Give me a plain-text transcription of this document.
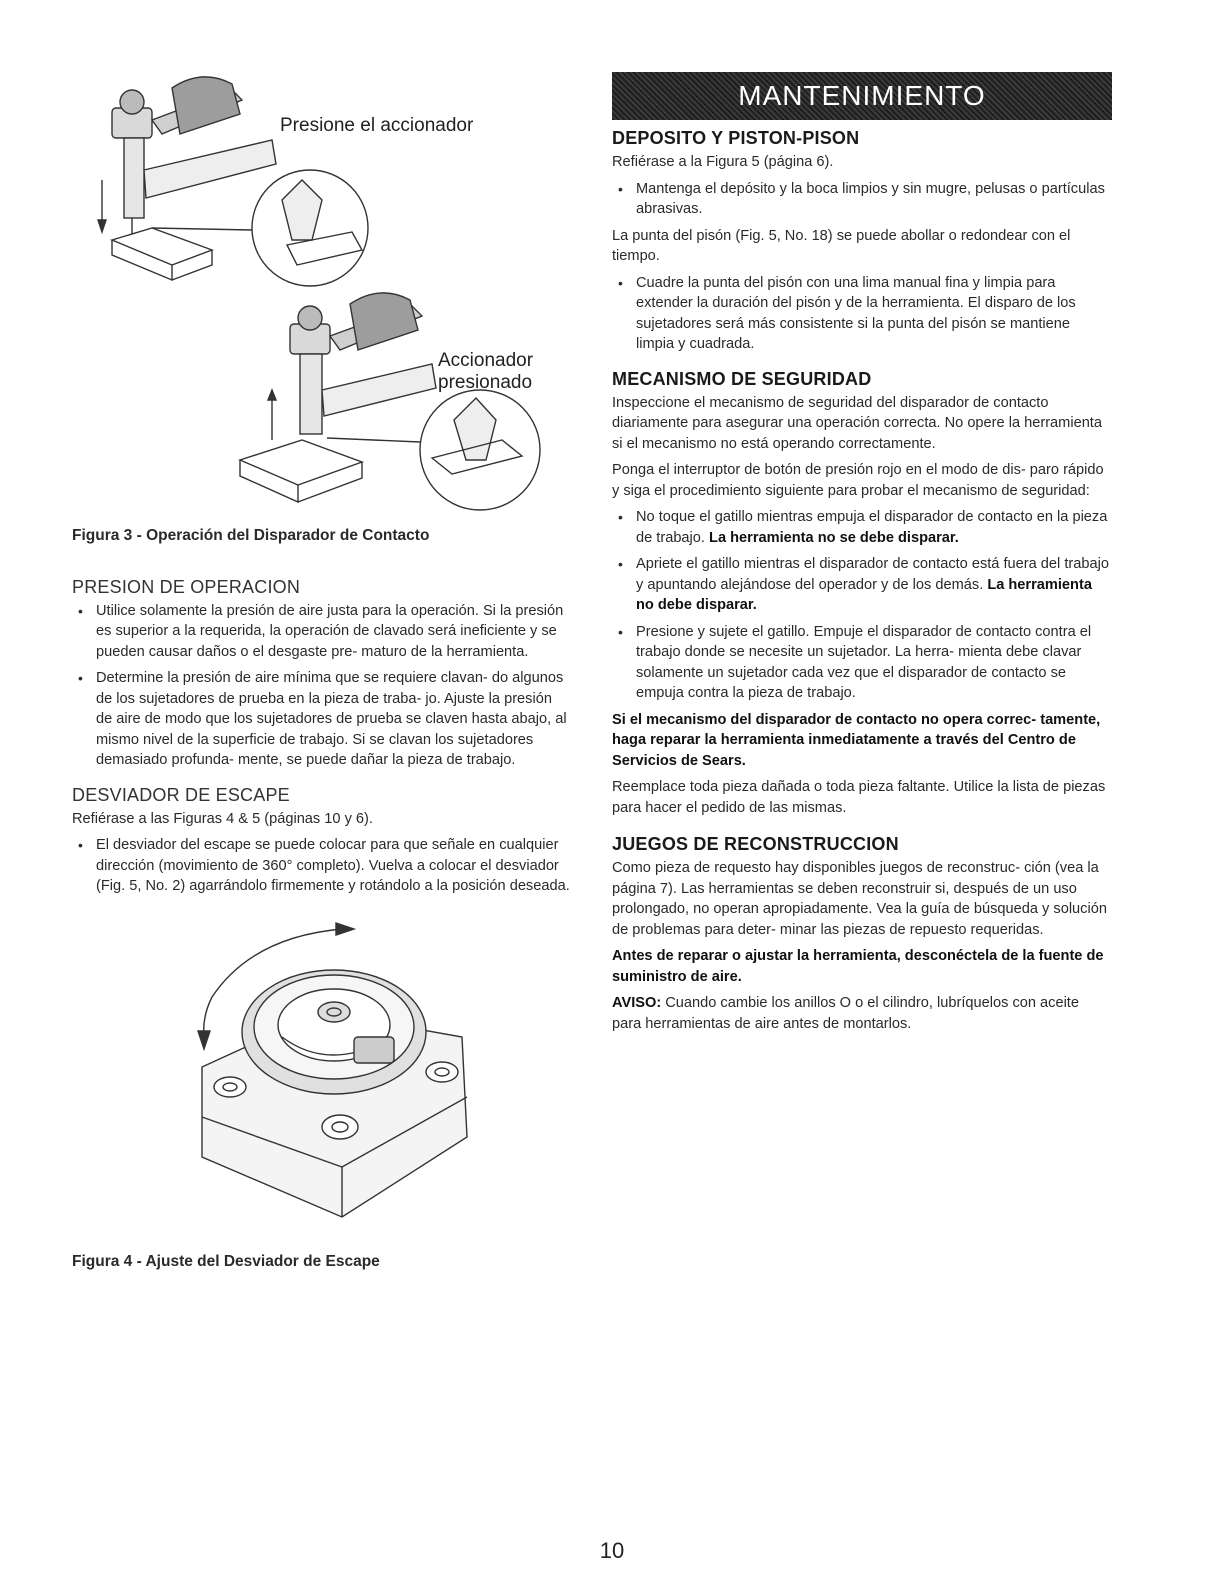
Presione el accionador
Accionador presionado

Figura 3 - Operación del Disparador de Contacto

PRESION DE OPERACION
• Utilice solamente la presión de aire justa para la operación. Si la presión es superior a la requerida, la operación de clavado será ineficiente y se pueden causar daños o el desgaste pre- maturo de la herramienta.
• Determine la presión de aire mínima que se requiere clavan- do algunos de los sujetadores de prueba en la pieza de traba- jo. Ajuste la presión de aire de modo que los sujetadores de prueba se claven hasta abajo, al mismo nivel de la superficie de trabajo. Si se clavan los sujetadores demasiado profunda- mente, se puede dañar la pieza de trabajo.
DESVIADOR DE ESCAPE

Refiérase a las Figuras 4 & 5 (páginas 10 y 6).

• El desviador del escape se puede colocar para que señale en cualquier dirección (movimiento de 360° completo). Vuelva a colocar el desviador (Fig. 5, No. 2) agarrándolo firmemente y rotándolo a la posición deseada.

Figura 4 - Ajuste del Desviador de Escape

MANTENIMIENTO
DEPOSITO Y PISTON-PISON

Refiérase a la Figura 5 (página 6).

• Mantenga el depósito y la boca limpios y sin mugre, pelusas o partículas abrasivas.

La punta del pisón (Fig. 5, No. 18) se puede abollar o redondear con el tiempo.

• Cuadre la punta del pisón con una lima manual fina y limpia para extender la duración del pisón y de la herramienta. El disparo de los sujetadores será más consistente si la punta del pisón se mantiene limpia y cuadrada.
MECANISMO DE SEGURIDAD

Inspeccione el mecanismo de seguridad del disparador de contacto diariamente para asegurar una operación correcta. No opere la herramienta si el mecanismo no está operando correctamente.

Ponga el interruptor de botón de presión rojo en el modo de dis- paro rápido y siga el procedimiento siguiente para probar el mecanismo de seguridad:

• No toque el gatillo mientras empuja el disparador de contacto en la pieza de trabajo. La herramienta no se debe disparar.
• Apriete el gatillo mientras el disparador de contacto está fuera del trabajo y apuntando alejándose del operador y de los demás. La herramienta no debe disparar.
• Presione y sujete el gatillo. Empuje el disparador de contacto contra el trabajo donde se necesite un sujetador. La herra- mienta debe clavar solamente un sujetador cada vez que el disparador de contacto se empuja contra la pieza de trabajo.

Si el mecanismo del disparador de contacto no opera correc- tamente, haga reparar la herramienta inmediatamente a través del Centro de Servicios de Sears.

Reemplace toda pieza dañada o toda pieza faltante. Utilice la lista de piezas para hacer el pedido de las mismas.

JUEGOS DE RECONSTRUCCION

Como pieza de requesto hay disponibles juegos de reconstruc- ción (vea la página 7). Las herramientas se deben reconstruir si, después de un uso prolongado, no operan apropiadamente. Vea la guía de búsqueda y solución de problemas para deter- minar las piezas de repuesto requeridas.

Antes de reparar o ajustar la herramienta, desconéctela de la fuente de suministro de aire.

AVISO: Cuando cambie los anillos O o el cilindro, lubríquelos con aceite para herramientas de aire antes de montarlos.

10
